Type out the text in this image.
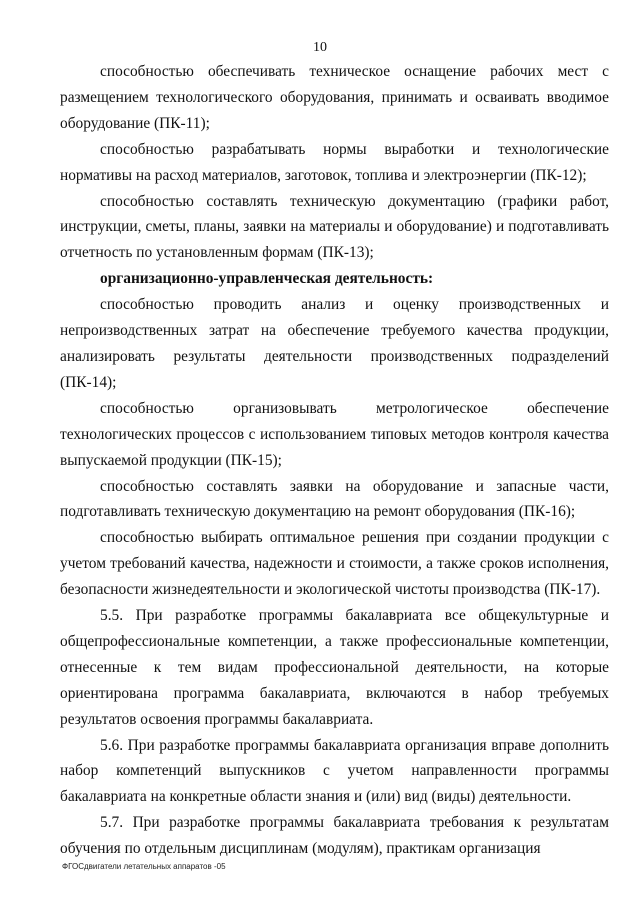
10

способностью обеспечивать техническое оснащение рабочих мест с размещением технологического оборудования, принимать и осваивать вводимое оборудование (ПК-11);

способностью разрабатывать нормы выработки и технологические нормативы на расход материалов, заготовок, топлива и электроэнергии (ПК-12);

способностью составлять техническую документацию (графики работ, инструкции, сметы, планы, заявки на материалы и оборудование) и подготавливать отчетность по установленным формам (ПК-13);

организационно-управленческая деятельность:

способностью проводить анализ и оценку производственных и непроизводственных затрат на обеспечение требуемого качества продукции, анализировать результаты деятельности производственных подразделений (ПК-14);

способностью организовывать метрологическое обеспечение технологических процессов с использованием типовых методов контроля качества выпускаемой продукции (ПК-15);

способностью составлять заявки на оборудование и запасные части, подготавливать техническую документацию на ремонт оборудования (ПК-16);

способностью выбирать оптимальное решения при создании продукции с учетом требований качества, надежности и стоимости, а также сроков исполнения, безопасности жизнедеятельности и экологической чистоты производства (ПК-17).

5.5. При разработке программы бакалавриата все общекультурные и общепрофессиональные компетенции, а также профессиональные компетенции, отнесенные к тем видам профессиональной деятельности, на которые ориентирована программа бакалавриата, включаются в набор требуемых результатов освоения программы бакалавриата.

5.6. При разработке программы бакалавриата организация вправе дополнить набор компетенций выпускников с учетом направленности программы бакалавриата на конкретные области знания и (или) вид (виды) деятельности.

5.7. При разработке программы бакалавриата требования к результатам обучения по отдельным дисциплинам (модулям), практикам организация

ФГОСдвигатели летательных аппаратов -05
